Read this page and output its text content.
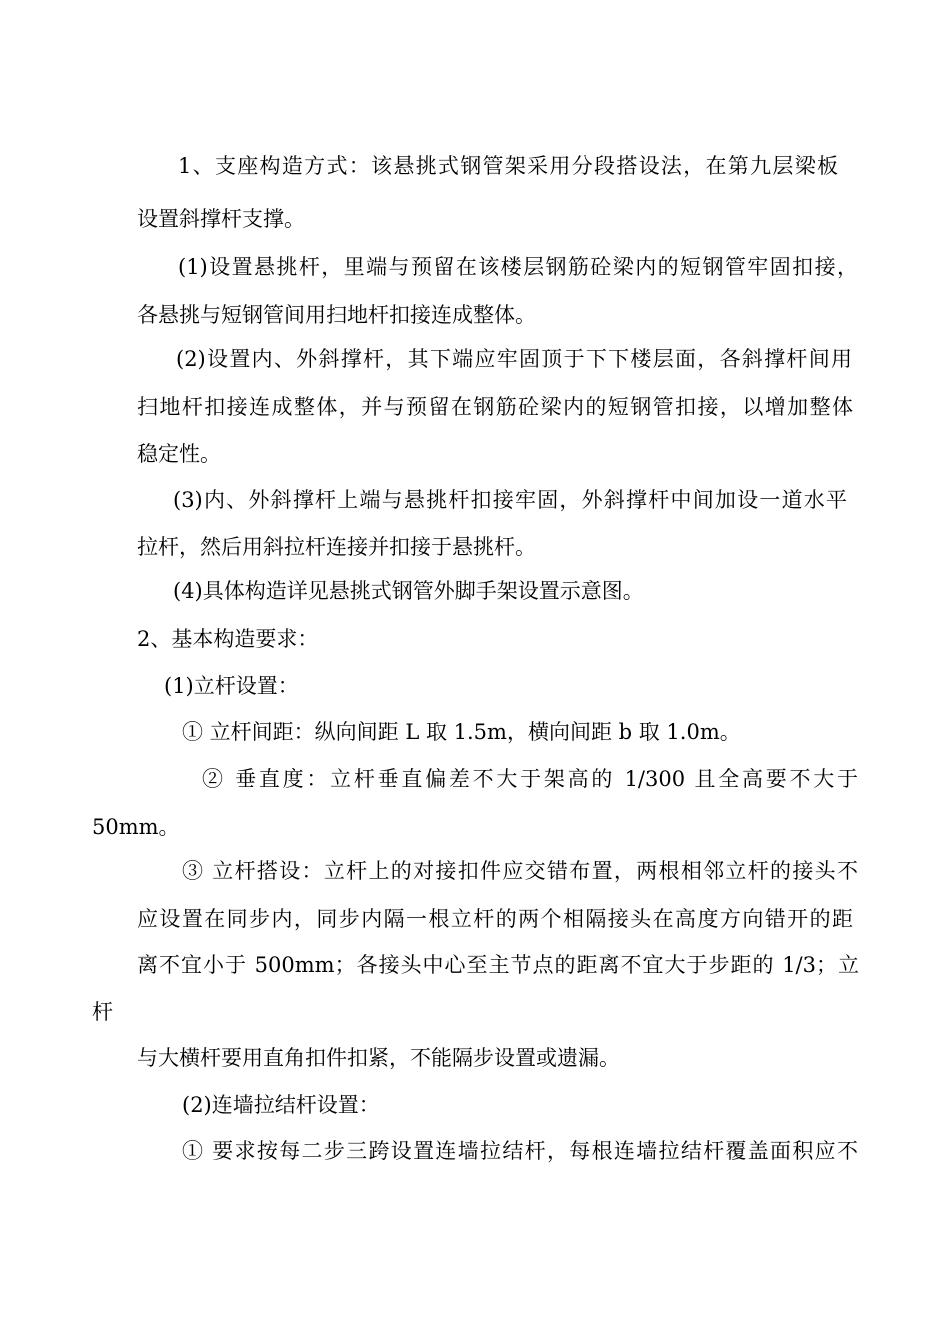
1、支座构造方式：该悬挑式钢管架采用分段搭设法，在第九层梁板
设置斜撑杆支撑。
(1)设置悬挑杆，里端与预留在该楼层钢筋砼梁内的短钢管牢固扣接，
各悬挑与短钢管间用扫地杆扣接连成整体。
(2)设置内、外斜撑杆，其下端应牢固顶于下下楼层面，各斜撑杆间用
扫地杆扣接连成整体，并与预留在钢筋砼梁内的短钢管扣接，以增加整体
稳定性。
(3)内、外斜撑杆上端与悬挑杆扣接牢固，外斜撑杆中间加设一道水平
拉杆，然后用斜拉杆连接并扣接于悬挑杆。
(4)具体构造详见悬挑式钢管外脚手架设置示意图。
2、基本构造要求：
(1)立杆设置：
① 立杆间距：纵向间距 L 取 1.5m，横向间距 b 取 1.0m。
② 垂直度：立杆垂直偏差不大于架高的 1/300 且全高要不大于
50mm。
③ 立杆搭设：立杆上的对接扣件应交错布置，两根相邻立杆的接头不
应设置在同步内，同步内隔一根立杆的两个相隔接头在高度方向错开的距
离不宜小于 500mm；各接头中心至主节点的距离不宜大于步距的 1/3；立
杆
与大横杆要用直角扣件扣紧，不能隔步设置或遗漏。
(2)连墙拉结杆设置：
① 要求按每二步三跨设置连墙拉结杆，每根连墙拉结杆覆盖面积应不
